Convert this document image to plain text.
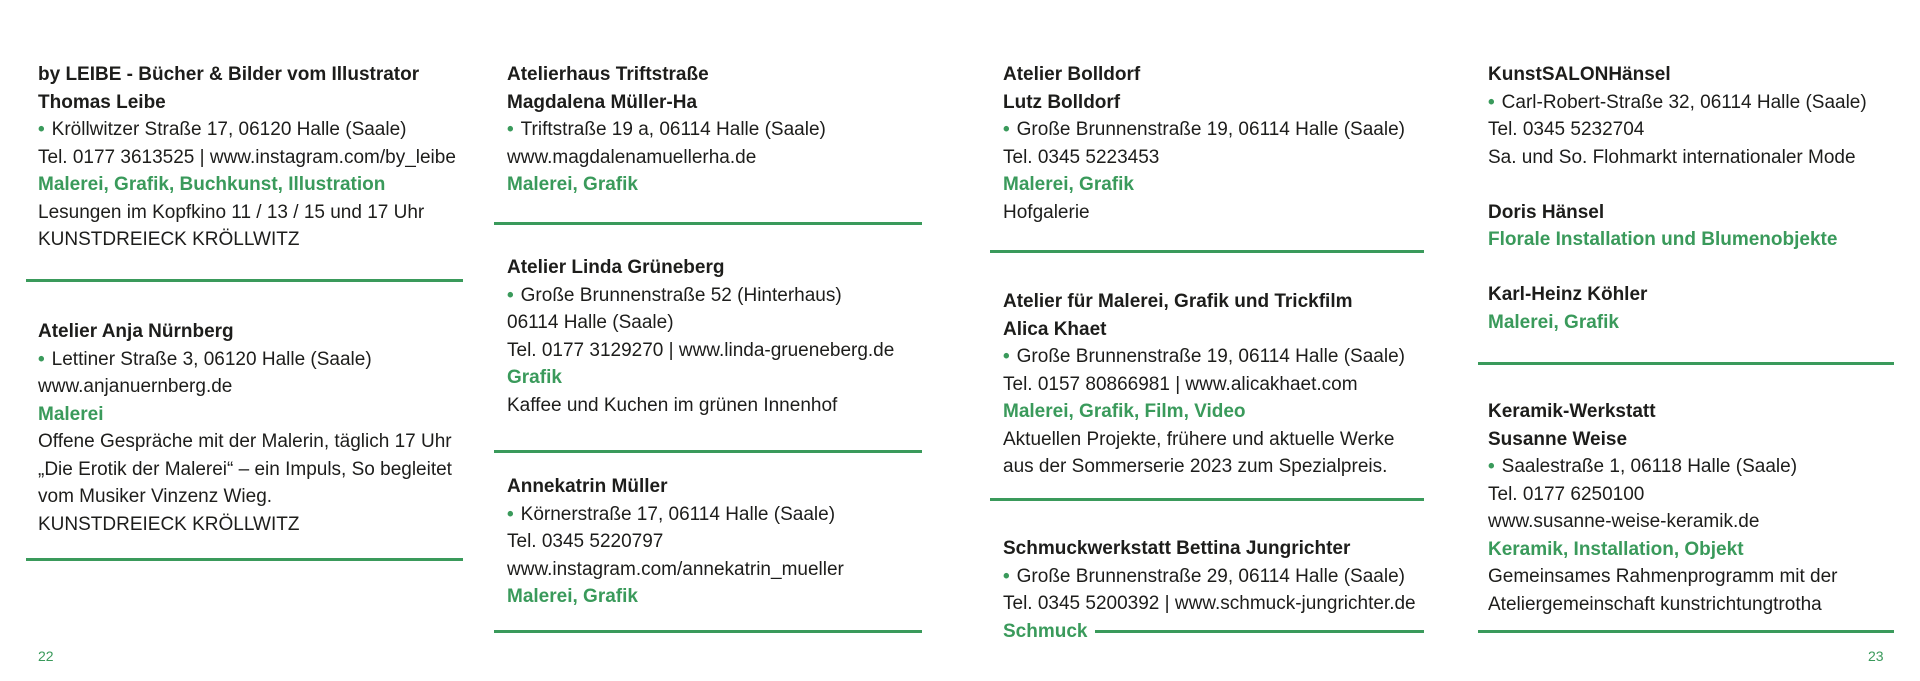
by LEIBE - Bücher & Bilder vom Illustrator
Thomas Leibe
• Kröllwitzer Straße 17, 06120 Halle (Saale)
Tel. 0177 3613525 | www.instagram.com/by_leibe
Malerei, Grafik, Buchkunst, Illustration
Lesungen im Kopfkino 11 / 13 / 15 und 17 Uhr
KUNSTDREIECK KRÖLLWITZ
Atelier Anja Nürnberg
• Lettiner Straße 3, 06120 Halle (Saale)
www.anjanuernberg.de
Malerei
Offene Gespräche mit der Malerin, täglich 17 Uhr
„Die Erotik der Malerei“ – ein Impuls, So begleitet
vom Musiker Vinzenz Wieg.
KUNSTDREIECK KRÖLLWITZ
Atelierhaus Triftstraße
Magdalena Müller-Ha
• Triftstraße 19 a, 06114 Halle (Saale)
www.magdalenamuellerha.de
Malerei, Grafik
Atelier Linda Grüneberg
• Große Brunnenstraße 52 (Hinterhaus)
06114 Halle (Saale)
Tel. 0177 3129270 | www.linda-grueneberg.de
Grafik
Kaffee und Kuchen im grünen Innenhof
Annekatrin Müller
• Körnerstraße 17, 06114 Halle (Saale)
Tel. 0345 5220797
www.instagram.com/annekatrin_mueller
Malerei, Grafik
Atelier Bolldorf
Lutz Bolldorf
• Große Brunnenstraße 19, 06114 Halle (Saale)
Tel. 0345 5223453
Malerei, Grafik
Hofgalerie
Atelier für Malerei, Grafik und Trickfilm
Alica Khaet
• Große Brunnenstraße 19, 06114 Halle (Saale)
Tel. 0157 80866981 | www.alicakhaet.com
Malerei, Grafik, Film, Video
Aktuellen Projekte, frühere und aktuelle Werke
aus der Sommerserie 2023 zum Spezialpreis.
Schmuckwerkstatt Bettina Jungrichter
• Große Brunnenstraße 29, 06114 Halle (Saale)
Tel. 0345 5200392 | www.schmuck-jungrichter.de
Schmuck
KunstSALONHänsel
• Carl-Robert-Straße 32, 06114 Halle (Saale)
Tel. 0345 5232704
Sa. und So. Flohmarkt internationaler Mode
Doris Hänsel
Florale Installation und Blumenobjekte
Karl-Heinz Köhler
Malerei, Grafik
Keramik-Werkstatt
Susanne Weise
• Saalestraße 1, 06118 Halle (Saale)
Tel. 0177 6250100
www.susanne-weise-keramik.de
Keramik, Installation, Objekt
Gemeinsames Rahmenprogramm mit der
Ateliergemeinschaft kunstrichtungtrotha
22	23
